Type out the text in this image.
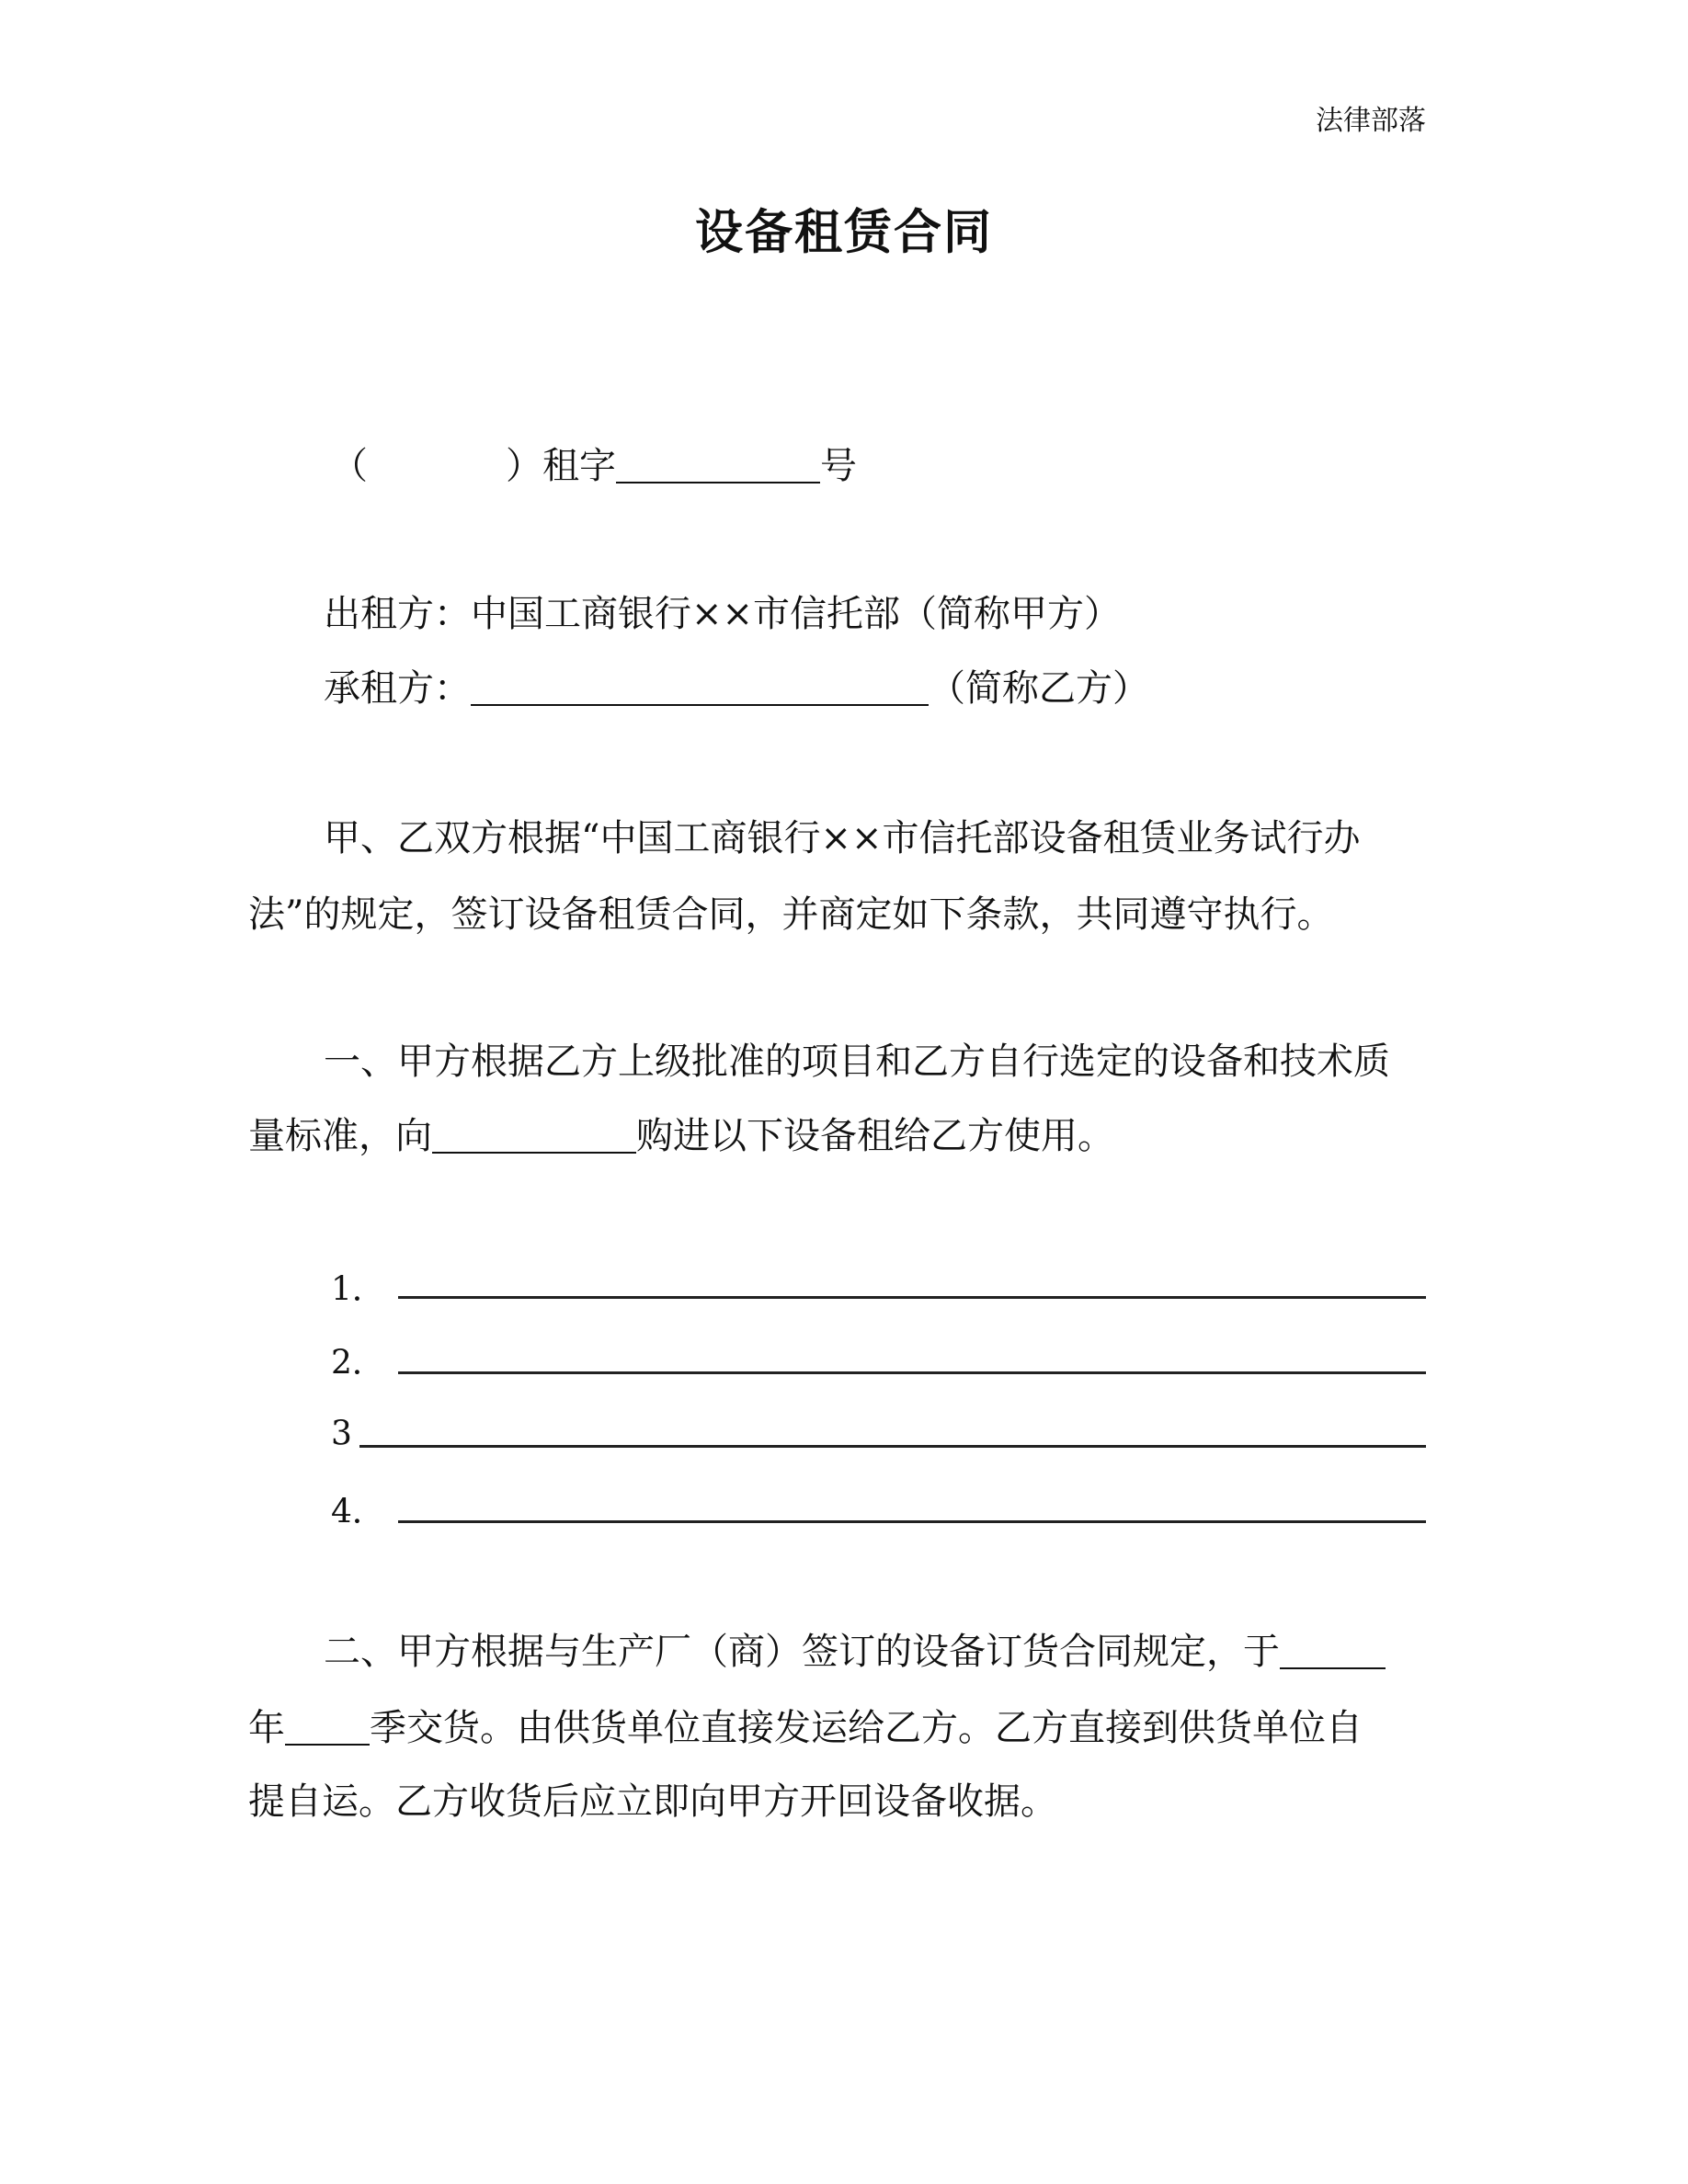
法律部落
设备租赁合同
（	）租字	号
出租方：中国工商银行××市信托部（简称甲方）
承租方：	（简称乙方）
甲、乙双方根据“中国工商银行××市信托部设备租赁业务试行办
法”的规定，签订设备租赁合同，并商定如下条款，共同遵守执行。
一、甲方根据乙方上级批准的项目和乙方自行选定的设备和技术质
量标准，向	购进以下设备租给乙方使用。
1．
2．
3
4．
二、甲方根据与生产厂（商）签订的设备订货合同规定，于
年 季交货。由供货单位直接发运给乙方。乙方直接到供货单位自
提自运。乙方收货后应立即向甲方开回设备收据。
